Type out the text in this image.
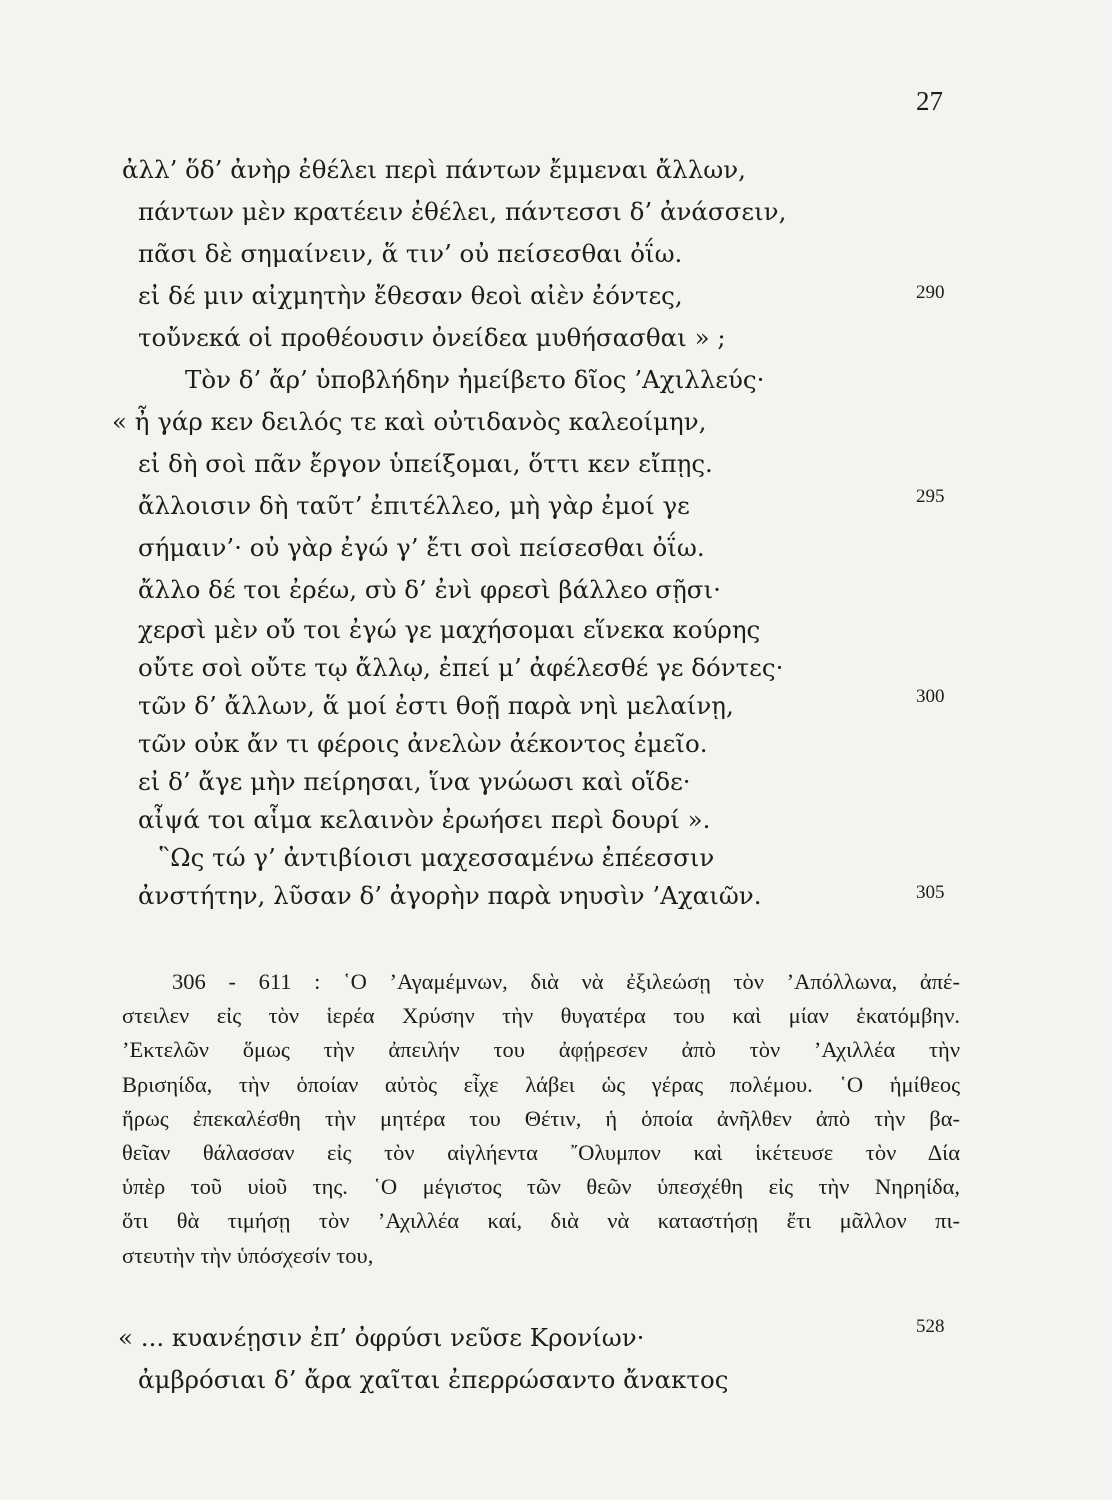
27
ἀλλ’ ὅδ’ ἀνὴρ ἐθέλει περὶ πάντων ἔμμεναι ἄλλων,
πάντων μὲν κρατέειν ἐθέλει, πάντεσσι δ’ ἀνάσσειν,
πᾶσι δὲ σημαίνειν, ἅ τιν’ οὐ πείσεσθαι ὀΐω.
εἰ δέ μιν αἰχμητὴν ἔθεσαν θεοὶ αἰὲν ἐόντες,	290
τοὔνεκά οἱ προθέουσιν ὀνείδεα μυθήσασθαι » ;
Τὸν δ’ ἄρ’ ὑποβλήδην ἠμείβετο δῖος ’Αχιλλεύς·
« ἦ γάρ κεν δειλός τε καὶ οὐτιδανὸς καλεοίμην,
εἰ δὴ σοὶ πᾶν ἔργον ὑπείξομαι, ὅττι κεν εἴπῃς.
ἄλλοισιν δὴ ταῦτ’ ἐπιτέλλεο, μὴ γὰρ ἐμοί γε	295
σήμαιν’· οὐ γὰρ ἐγώ γ’ ἔτι σοὶ πείσεσθαι ὀΐω.
ἄλλο δέ τοι ἐρέω, σὺ δ’ ἐνὶ φρεσὶ βάλλεο σῇσι·
χερσὶ μὲν οὔ τοι ἐγώ γε μαχήσομαι εἵνεκα κούρης
οὔτε σοὶ οὔτε τῳ ἄλλῳ, ἐπεί μ’ ἀφέλεσθέ γε δόντες·
τῶν δ’ ἄλλων, ἅ μοί ἐστι θοῇ παρὰ νηὶ μελαίνῃ,	300
τῶν οὐκ ἄν τι φέροις ἀνελὼν ἀέκοντος ἐμεῖο.
εἰ δ’ ἄγε μὴν πείρησαι, ἵνα γνώωσι καὶ οἵδε·
αἶψά τοι αἷμα κελαινὸν ἐρωήσει περὶ δουρί ».
῝Ως τώ γ’ ἀντιβίοισι μαχεσσαμένω ἐπέεσσιν
ἀνστήτην, λῦσαν δ’ ἀγορὴν παρὰ νηυσὶν ’Αχαιῶν.	305
306 - 611 : ῾Ο ’Αγαμέμνων, διὰ νὰ ἐξιλεώσῃ τὸν ’Απόλλωνα, ἀπέ-
στειλεν εἰς τὸν ἱερέα Χρύσην τὴν θυγατέρα του καὶ μίαν ἑκατόμβην.
’Εκτελῶν ὅμως τὴν ἀπειλήν του ἀφῄρεσεν ἀπὸ τὸν ’Αχιλλέα τὴν
Βρισηίδα, τὴν ὁποίαν αὐτὸς εἶχε λάβει ὡς γέρας πολέμου. ῾Ο ἡμίθεος
ἥρως ἐπεκαλέσθη τὴν μητέρα του Θέτιν, ἡ ὁποία ἀνῆλθεν ἀπὸ τὴν βα-
θεῖαν θάλασσαν εἰς τὸν αἰγλήεντα ῎Ολυμπον καὶ ἱκέτευσε τὸν Δία
ὑπὲρ τοῦ υἱοῦ της. ῾Ο μέγιστος τῶν θεῶν ὑπεσχέθη εἰς τὴν Νηρηίδα,
ὅτι θὰ τιμήσῃ τὸν ’Αχιλλέα καί, διὰ νὰ καταστήσῃ ἔτι μᾶλλον πι-
στευτὴν τὴν ὑπόσχεσίν του,
« ... κυανέῃσιν ἐπ’ ὀφρύσι νεῦσε Κρονίων·	528
ἀμβρόσιαι δ’ ἄρα χαῖται ἐπερρώσαντο ἄνακτος
